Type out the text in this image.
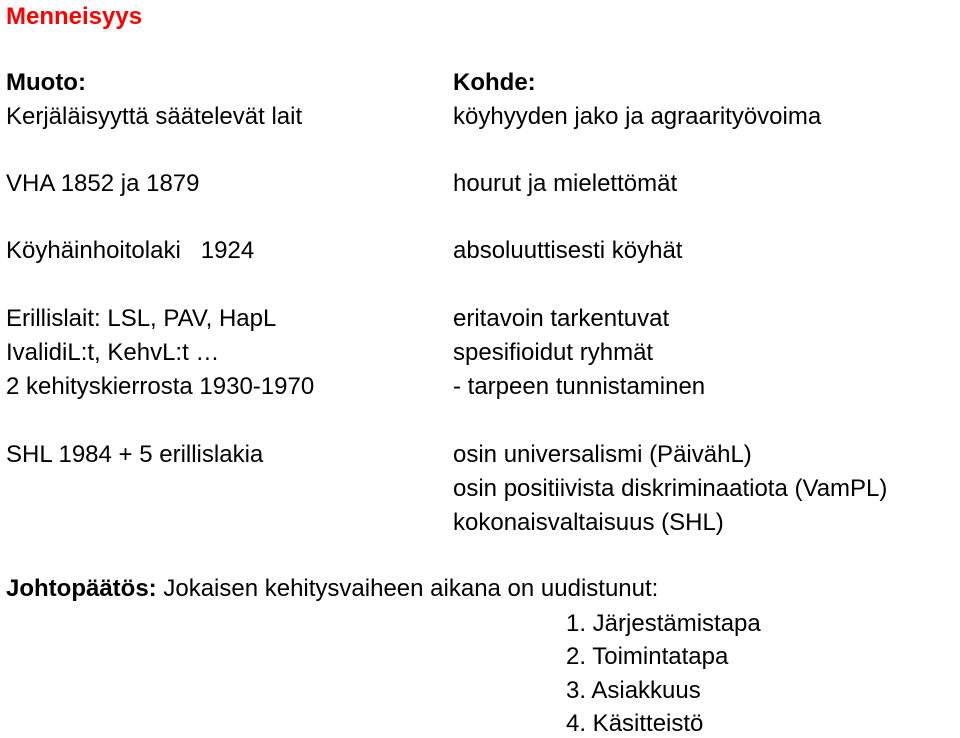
Menneisyys
Muoto:
Kerjäläisyyttä säätelevät lait
VHA 1852 ja 1879
Köyhäinhoitolaki   1924
Erillislait: LSL, PAV, HapL
IvalidiL:t, KehvL:t …
2 kehityskierrosta 1930-1970
SHL 1984 + 5 erillislakia
Kohde:
köyhyyden jako ja agraarityövoima
hourut ja mielettömät
absoluuttisesti köyhät
eritavoin tarkentuvat
spesifioidut ryhmät
- tarpeen tunnistaminen
osin universalismi (PäivähL)
osin positiivista diskriminaatiota (VamPL)
kokonaisvaltaisuus (SHL)
Johtopäätös: Jokaisen kehitysvaiheen aikana on uudistunut:
1. Järjestämistapa
2. Toimintatapa
3. Asiakkuus
4. Käsitteistö
